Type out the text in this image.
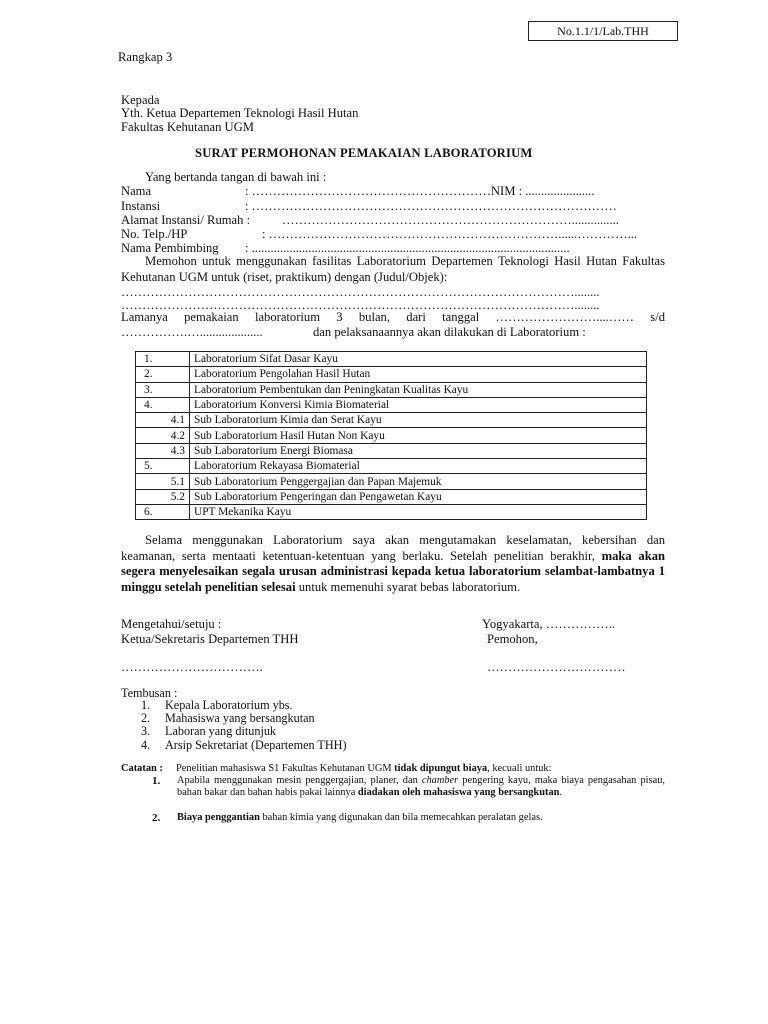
No.1.1/1/Lab.THH
Rangkap 3
Kepada
Yth. Ketua Departemen Teknologi Hasil Hutan
Fakultas Kehutanan UGM
SURAT PERMOHONAN PEMAKAIAN LABORATORIUM
Yang bertanda tangan di bawah ini :
Nama	: …………………………………………………NIM : ......................
Instansi	: ……………………………………………………………………………
Alamat Instansi/ Rumah :	……………………………………………………………...............
No. Telp./HP	: ……………………………………………………………......…………...
Nama Pembimbing : .....................................................................................................
Memohon untuk menggunakan fasilitas Laboratorium Departemen Teknologi Hasil Hutan Fakultas Kehutanan UGM untuk (riset, praktikum) dengan (Judul/Objek):
………………………………………………………………………………………………........
………………………………………………………………………………………………........
Lamanya pemakaian laboratorium 3 bulan, dari tanggal ……………………....…… s/d
…………….…....................	dan pelaksanaannya akan dilakukan di Laboratorium :
1.	Laboratorium Sifat Dasar Kayu
2.	Laboratorium Pengolahan Hasil Hutan
3.	Laboratorium Pembentukan dan Peningkatan Kualitas Kayu
4.	Laboratorium Konversi Kimia Biomaterial
4.1	Sub Laboratorium Kimia dan Serat Kayu
4.2	Sub Laboratorium Hasil Hutan Non Kayu
4.3	Sub Laboratorium Energi Biomasa
5.	Laboratorium Rekayasa Biomaterial
5.1	Sub Laboratorium Penggergajian dan Papan Majemuk
5.2	Sub Laboratorium Pengeringan dan Pengawetan Kayu
6.	UPT Mekanika Kayu
Selama menggunakan Laboratorium saya akan mengutamakan keselamatan, kebersihan dan keamanan, serta mentaati ketentuan-ketentuan yang berlaku. Setelah penelitian berakhir, maka akan segera menyelesaikan segala urusan administrasi kepada ketua laboratorium selambat-lambatnya 1 minggu setelah penelitian selesai untuk memenuhi syarat bebas laboratorium.
Mengetahui/setuju :
Ketua/Sekretaris Departemen THH
…………………………….
Yogyakarta, ……………..
Pemohon,
……………………………
Tembusan :
1. Kepala Laboratorium ybs.
2. Mahasiswa yang bersangkutan
3. Laboran yang ditunjuk
4. Arsip Sekretariat (Departemen THH)
Catatan : Penelitian mahasiswa S1 Fakultas Kehutanan UGM tidak dipungut biaya, kecuali untuk:
1. Apabila menggunakan mesin penggergajian, planer, dan chamber pengering kayu, maka biaya pengasahan pisau, bahan bakar dan bahan habis pakai lainnya diadakan oleh mahasiswa yang bersangkutan.
2. Biaya penggantian bahan kimia yang digunakan dan bila memecahkan peralatan gelas.
